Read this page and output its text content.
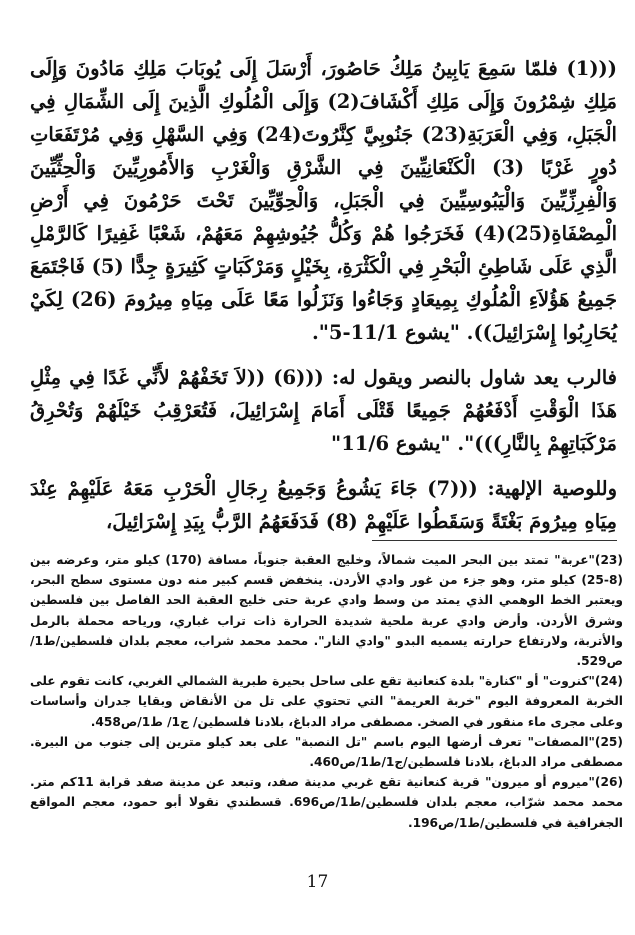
(((1) فلمّا سَمِعَ يَابِينُ مَلِكُ حَاصُورَ، أَرْسَلَ إِلَى يُوبَابَ مَلِكِ مَادُونَ وَإِلَى مَلِكِ شِمْرُونَ وَإِلَى مَلِكِ أَكْشَافَ(2) وَإِلَى الْمُلُوكِ الَّذِينَ إِلَى الشِّمَالِ فِي الْجَبَلِ، وَفِي الْعَرَبَةِ(23) جَنُوبِيَّ كِنَّرُوتَ(24) وَفِي السَّهْلِ وَفِي مُرْتَفَعَاتِ دُورٍ غَرْبًا (3) الْكَنْعَانِيِّينَ فِي الشَّرْقِ وَالْغَرْبِ وَالأَمُورِيِّينَ وَالْحِثِّيِّينَ وَالْفِرِزِّيِّينَ وَالْيَبُوسِيِّينَ فِي الْجَبَلِ، وَالْحِوِّيِّينَ تَحْتَ حَرْمُونَ فِي أَرْضِ الْمِصْفَاةِ(25)(4) فَخَرَجُوا هُمْ وَكُلُّ جُيُوشِهِمْ مَعَهُمْ، شَعْبًا غَفِيرًا كَالرَّمْلِ الَّذِي عَلَى شَاطِئِ الْبَحْرِ فِي الْكَثْرَةِ، بِخَيْلٍ وَمَرْكَبَاتٍ كَثِيرَةٍ جِدًّا (5) فَاجْتَمَعَ جَمِيعُ هَؤُلاَءِ الْمُلُوكِ بِمِيعَادٍ وَجَاءُوا وَنَزَلُوا مَعًا عَلَى مِيَاهِ مِيرُومَ (26) لِكَيْ يُحَارِبُوا إِسْرَائِيلَ)). "يشوع 11/1-5".

فالرب يعد شاول بالنصر ويقول له: (((6) ((لاَ تَخَفْهُمْ لأَنِّي غَدًا فِي مِثْلِ هَذَا الْوَقْتِ أَدْفَعُهُمْ جَمِيعًا قَتْلَى أَمَامَ إِسْرَائِيلَ، فَتُعَرْقِبُ خَيْلَهُمْ وَتُحْرِقُ مَرْكَبَاتِهِمْ بِالنَّارِ)))". "يشوع 11/6"

وللوصية الإلهية: (((7) جَاءَ يَشُوعُ وَجَمِيعُ رِجَالِ الْحَرْبِ مَعَهُ عَلَيْهِمْ عِنْدَ مِيَاهِ مِيرُومَ بَغْتَةً وَسَقَطُوا عَلَيْهِمْ (8) فَدَفَعَهُمُ الرَّبُّ بِيَدِ إِسْرَائِيلَ،

(23)"عربة" تمتد بين البحر الميت شمالاً، وخليج العقبة جنوباً، مسافة (170) كيلو متر، وعرضه بين (8-25) كيلو متر، وهو جزء من غور وادي الأردن. ينخفض قسم كبير منه دون مستوى سطح البحر، ويعتبر الخط الوهمي الذي يمتد من وسط وادي عربة حتى خليج العقبة الحد الفاصل بين فلسطين وشرق الأردن. وأرض وادي عربة ملحية شديدة الحرارة ذات تراب غباري، ورياحه محملة بالرمل والأتربة، ولارتفاع حرارته يسميه البدو "وادي النار". محمد محمد شراب، معجم بلدان فلسطين/ط1/ص529.

(24)"كنروت" أو "كنارة" بلدة كنعانية تقع على ساحل بحيرة طبرية الشمالي الغربي، كانت تقوم على الخربة المعروفة اليوم "خربة العريمة" التي تحتوي على تل من الأنقاض وبقايا جدران وأساسات وعلى مجرى ماء منقور في الصخر. مصطفى مراد الدباغ، بلادنا فلسطين/ ج1/ ط1/ص458.

(25)"المصفات" تعرف أرضها اليوم باسم "تل النصبة" على بعد كيلو مترين إلى جنوب من البيرة. مصطفى مراد الدباغ، بلادنا فلسطين/ج1/ط1/ص460.

(26)"ميروم أو ميرون" قرية كنعانية تقع غربي مدينة صفد، وتبعد عن مدينة صفد قرابة 11كم متر. محمد محمد شرّاب، معجم بلدان فلسطين/ط1/ص696. قسطندي نقولا أبو حمود، معجم المواقع الجغرافية في فلسطين/ط1/ص196.

17
